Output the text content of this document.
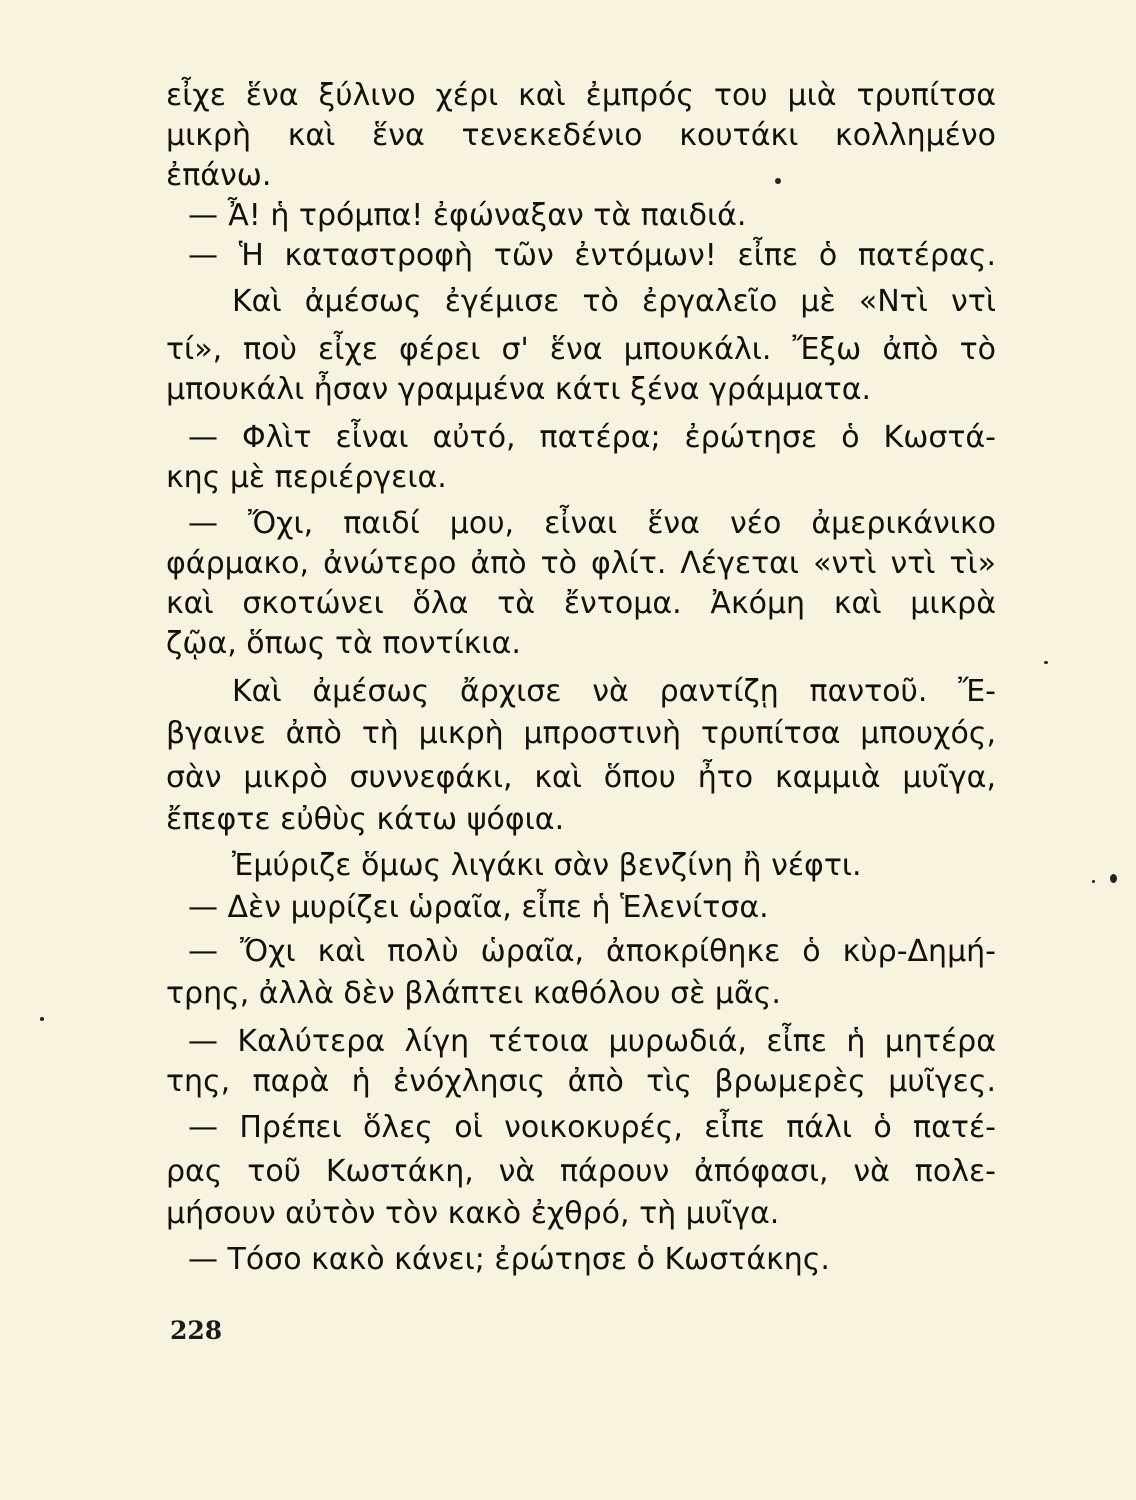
εἶχε ἕνα ξύλινο χέρι καὶ ἐμπρός του μιὰ τρυπίτσα
μικρὴ καὶ ἕνα τενεκεδένιο κουτάκι κολλημένο
ἐπάνω.
— Ἆ! ἡ τρόμπα! ἐφώναξαν τὰ παιδιά.
— Ἡ καταστροφὴ τῶν ἐντόμων! εἶπε ὁ πατέρας.
Καὶ ἀμέσως ἐγέμισε τὸ ἐργαλεῖο μὲ «Ντὶ ντὶ
τί», ποὺ εἶχε φέρει σ' ἕνα μπουκάλι. Ἔξω ἀπὸ τὸ
μπουκάλι ἦσαν γραμμένα κάτι ξένα γράμματα.
— Φλὶτ εἶναι αὐτό, πατέρα; ἐρώτησε ὁ Κωστά-
κης μὲ περιέργεια.
— Ὄχι, παιδί μου, εἶναι ἕνα νέο ἀμερικάνικο
φάρμακο, ἀνώτερο ἀπὸ τὸ φλίτ. Λέγεται «ντὶ ντὶ τὶ»
καὶ σκοτώνει ὅλα τὰ ἔντομα. Ἀκόμη καὶ μικρὰ
ζῷα, ὅπως τὰ ποντίκια.
Καὶ ἀμέσως ἄρχισε νὰ ραντίζῃ παντοῦ. Ἔ-
βγαινε ἀπὸ τὴ μικρὴ μπροστινὴ τρυπίτσα μπουχός,
σὰν μικρὸ συννεφάκι, καὶ ὅπου ἦτο καμμιὰ μυῖγα,
ἔπεφτε εὐθὺς κάτω ψόφια.
Ἐμύριζε ὅμως λιγάκι σὰν βενζίνη ἢ νέφτι.
— Δὲν μυρίζει ὡραῖα, εἶπε ἡ Ἑλενίτσα.
— Ὄχι καὶ πολὺ ὡραῖα, ἀποκρίθηκε ὁ κὺρ-Δημή-
τρης, ἀλλὰ δὲν βλάπτει καθόλου σὲ μᾶς.
— Καλύτερα λίγη τέτοια μυρωδιά, εἶπε ἡ μητέρα
της, παρὰ ἡ ἐνόχλησις ἀπὸ τὶς βρωμερὲς μυῖγες.
— Πρέπει ὅλες οἱ νοικοκυρές, εἶπε πάλι ὁ πατέ-
ρας τοῦ Κωστάκη, νὰ πάρουν ἀπόφασι, νὰ πολε-
μήσουν αὐτὸν τὸν κακὸ ἐχθρό, τὴ μυῖγα.
— Τόσο κακὸ κάνει; ἐρώτησε ὁ Κωστάκης.
228
